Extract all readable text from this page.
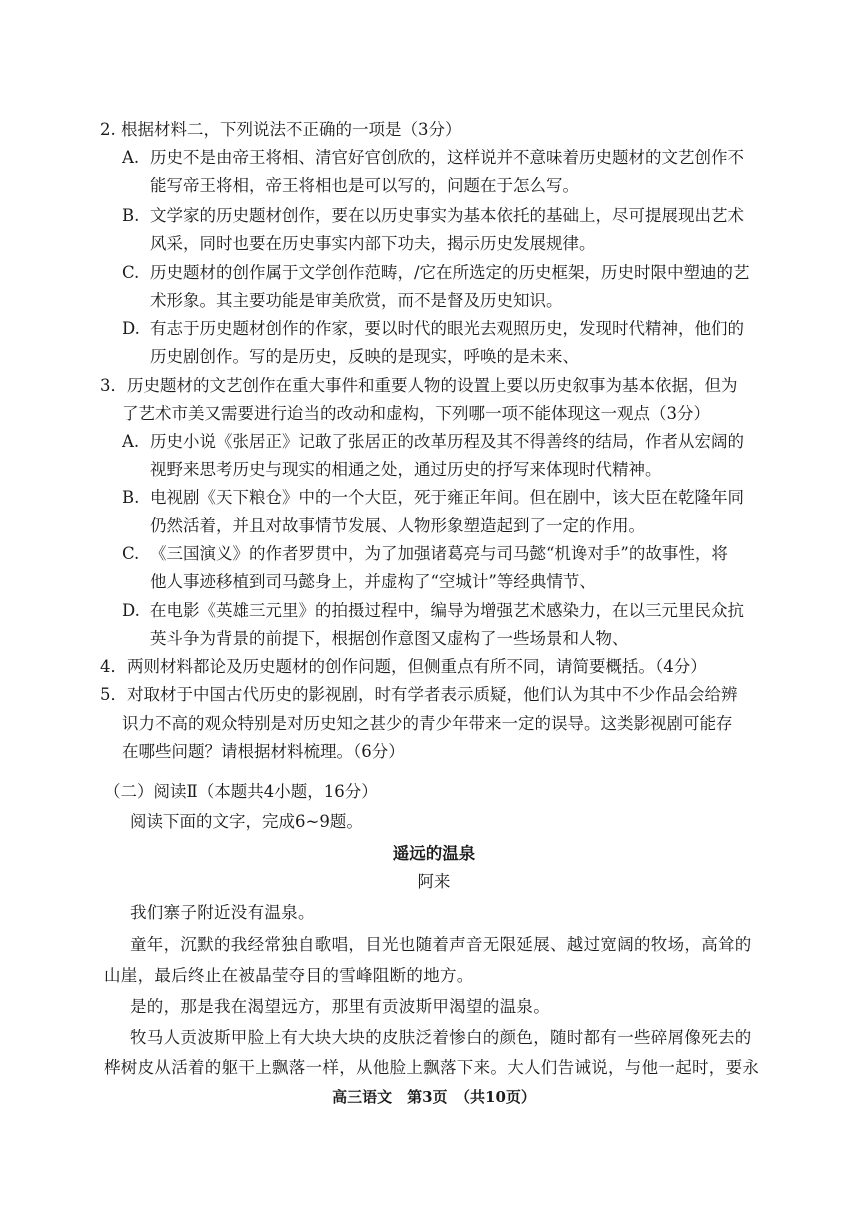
2. 根据材料二，下列说法不正确的一项是（3分）
A. 历史不是由帝王将相、清官好官创欣的，这样说并不意味着历史题材的文艺创作不
能写帝王将相，帝王将相也是可以写的，问题在于怎么写。
B. 文学家的历史题材创作，要在以历史事实为基本依托的基础上，尽可提展现出艺术
风采，同时也要在历史事实内部下功夫，揭示历史发展规律。
C. 历史题材的创作属于文学创作范畴，/它在所选定的历史框架，历史时限中塑迪的艺
术形象。其主要功能是审美欣赏，而不是督及历史知识。
D. 有志于历史题材创作的作家，要以时代的眼光去观照历史，发现时代精神，他们的
历史剧创作。写的是历史，反映的是现实，呼唤的是未来、
3．历史题材的文艺创作在重大事件和重要人物的设置上要以历史叙事为基本依据，但为
了艺术市美又需要进行迨当的改动和虚构，下列哪一项不能体现这一观点（3分）
A. 历史小说《张居正》记敢了张居正的改革历程及其不得善终的结局，作者从宏阔的
视野来思考历史与现实的相通之处，通过历史的抒写来体现时代精神。
B. 电视剧《天下粮仓》中的一个大臣，死于雍正年间。但在剧中，该大臣在乾隆年同
仍然活着，并且对故事情节发展、人物形象塑造起到了一定的作用。
C. 《三国演义》的作者罗贯中，为了加强诸葛亮与司马懿“机谗对手”的故事性，将
他人事迹移植到司马懿身上，并虚构了“空城计”等经典情节、
D. 在电影《英雄三元里》的拍摄过程中，编导为增强艺术感染力，在以三元里民众抗
英斗争为背景的前提下，根据创作意图又虚构了一些场景和人物、
4．两则材料都论及历史题材的创作问题，但侧重点有所不同，请简要概括。（4分）
5．对取材于中国古代历史的影视剧，时有学者表示质疑，他们认为其中不少作品会给辨
识力不高的观众特别是对历史知之甚少的青少年带来一定的误导。这类影视剧可能存
在哪些问题？请根据材料梳理。（6分）
（二）阅读Ⅱ（本题共4小题，16分）
阅读下面的文字，完成6~9题。
遥远的温泉
阿来
我们寨子附近没有温泉。
童年，沉默的我经常独自歌唱，目光也随着声音无限延展、越过宽阔的牧场，高耸的
山崖，最后终止在被晶莹夺目的雪峰阻断的地方。
是的，那是我在渴望远方，那里有贡波斯甲渴望的温泉。
牧马人贡波斯甲脸上有大块大块的皮肤泛着惨白的颜色，随时都有一些碎屑像死去的
桦树皮从活着的躯干上飘落一样，从他脸上飘落下来。大人们告诫说，与他一起时，要永
高三语文　第3页　（共10页）
